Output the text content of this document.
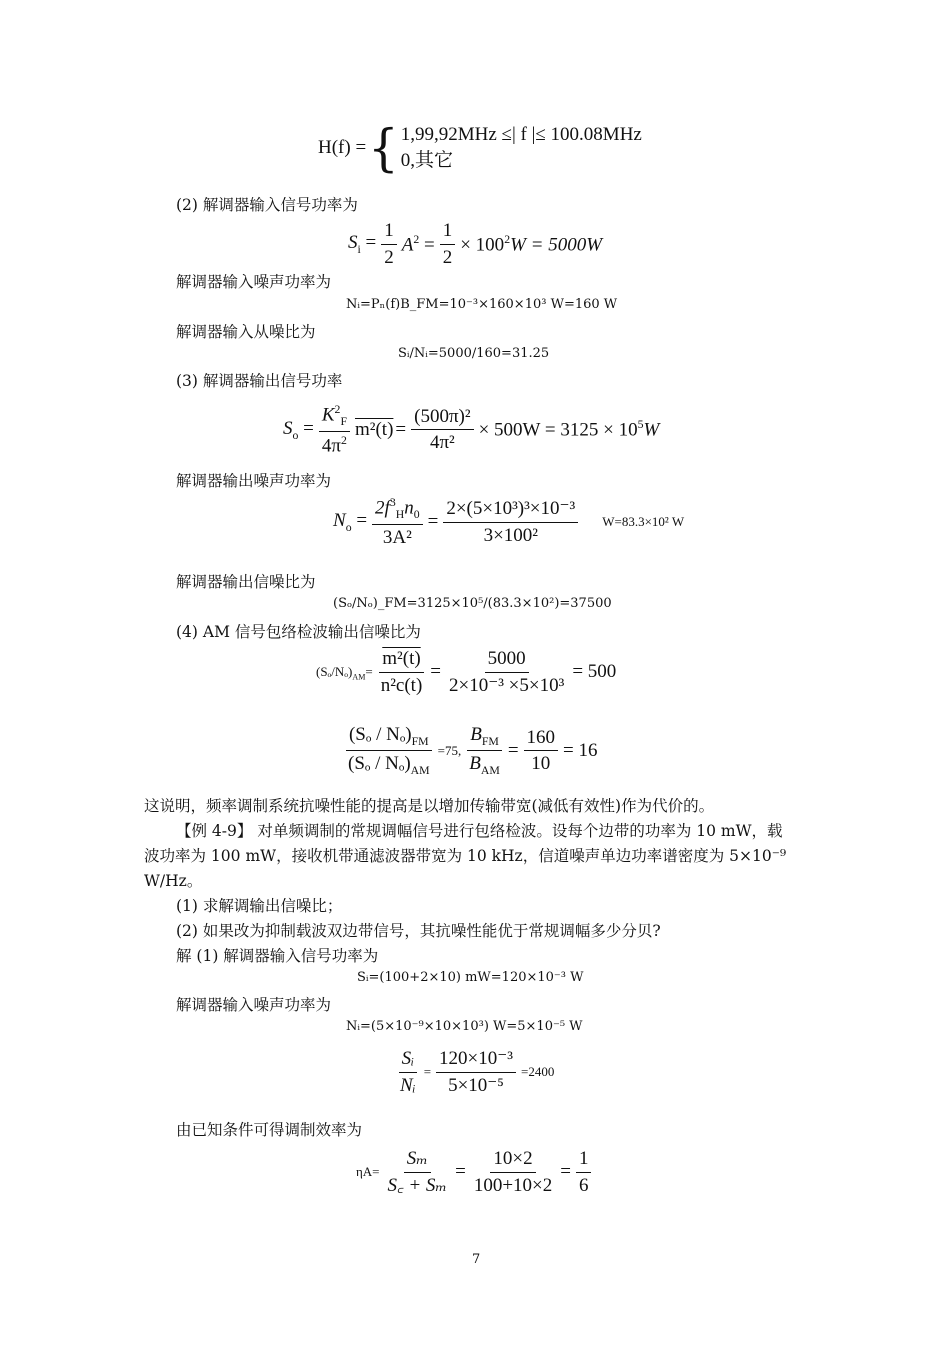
H(f) = { 1,99,92MHz ≤| f |≤ 100.08MHz
0,其它
(2) 解调器输入信号功率为
$S_i = \frac{1}{2} A^2 = \frac{1}{2} \times 100^2W = 5000W$
解调器输入噪声功率为
Nᵢ=Pₙ(f)B_FM=10⁻³×160×10³ W=160 W
解调器输入从噪比为
Sᵢ/Nᵢ=5000/160=31.25
(3) 解调器输出信号功率
$S_o = \frac{K^2_F}{4\pi^2} m^2(t) = \frac{\text{(500π)²}}{\text{4π²}} \times 500W = 3125 \times 10^5W$
解调器输出噪声功率为
$N_o = \frac{2f^3_Hn_0}{\text{3A²}} = \frac{\text{2×(5×10³)³×10⁻³}}{\text{3×100²}} W=83.3\times 10^2$ W
解调器输出信噪比为
(Sₒ/Nₒ)_FM=3125×10⁵/(83.3×10²)=37500
(4) AM 信号包络检波输出信噪比为
$(S_o/N_o)_{AM}= \frac{\text{m²(t)}}{\text{n²c(t)}} = \frac{5000}{\text{2×10⁻³ ×5×10³}} = 500$
$\frac{(S_o / N_o)_{FM}}{(S_o / N_o)_{AM}} =75$, $\frac{B_{FM}}{B_{AM}} = \frac{160}{10} = 16$
这说明，频率调制系统抗噪性能的提高是以增加传输带宽(减低有效性)作为代价的。
【例 4-9】 对单频调制的常规调幅信号进行包络检波。设每个边带的功率为 10 mW，载
波功率为 100 mW，接收机带通滤波器带宽为 10 kHz，信道噪声单边功率谱密度为 5×10⁻⁹
W/Hz。
(1) 求解调输出信噪比；
(2) 如果改为抑制载波双边带信号，其抗噪性能优于常规调幅多少分贝?
解 (1) 解调器输入信号功率为
Sᵢ=(100+2×10) mW=120×10⁻³ W
解调器输入噪声功率为
Nᵢ=(5×10⁻⁹×10×10³) W=5×10⁻⁵ W
$\frac{\text{Sᵢ}}{\text{Nᵢ}} = \frac{\text{120×10⁻³}}{\text{5×10⁻⁵}} =2400$
由已知条件可得调制效率为
$\eta A= \frac{\text{Sₘ}}{\text{S꜀ + Sₘ}} = \frac{10\times 2}{100+10\times 2} = \frac{1}{6}$
7
